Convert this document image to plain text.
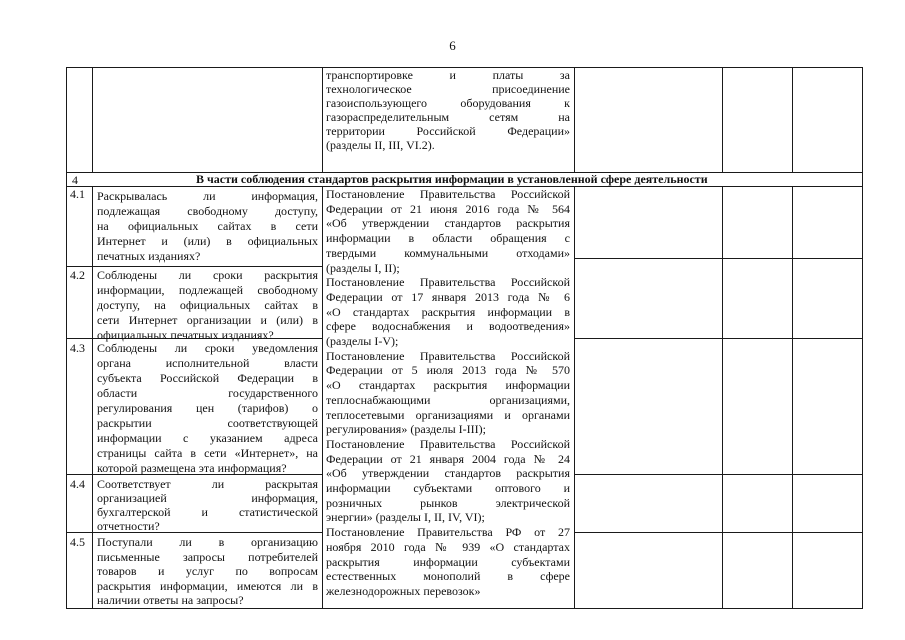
6
транспортировке и платы за
технологическое присоединение
газоиспользующего оборудования к
газораспределительным сетям на
территории Российской Федерации»
(разделы II, III, VI.2).
4	В части соблюдения стандартов раскрытия информации в установленной сфере деятельности
4.1
4.2
4.3
4.4
4.5
Раскрывалась ли информация,
подлежащая свободному доступу,
на официальных сайтах в сети
Интернет и (или) в официальных
печатных изданиях?
Соблюдены ли сроки раскрытия
информации, подлежащей свободному
доступу, на официальных сайтах в
сети Интернет организации и (или) в
официальных печатных изданиях?
Соблюдены ли сроки уведомления
органа исполнительной власти
субъекта Российской Федерации в
области государственного
регулирования цен (тарифов) о
раскрытии соответствующей
информации с указанием адреса
страницы сайта в сети «Интернет», на
которой размещена эта информация?
Соответствует ли раскрытая
организацией информация,
бухгалтерской и статистической
отчетности?
Поступали ли в организацию
письменные запросы потребителей
товаров и услуг по вопросам
раскрытия информации, имеются ли в
наличии ответы на запросы?
Постановление Правительства Российской
Федерации от 21 июня 2016 года № 564
«Об утверждении стандартов раскрытия
информации в области обращения с
твердыми коммунальными отходами»
(разделы I, II);
Постановление Правительства Российской
Федерации от 17 января 2013 года № 6
«О стандартах раскрытия информации в
сфере водоснабжения и водоотведения»
(разделы I-V);
Постановление Правительства Российской
Федерации от 5 июля 2013 года № 570
«О стандартах раскрытия информации
теплоснабжающими организациями,
теплосетевыми организациями и органами
регулирования» (разделы I-III);
Постановление Правительства Российской
Федерации от 21 января 2004 года № 24
«Об утверждении стандартов раскрытия
информации субъектами оптового и
розничных рынков электрической
энергии» (разделы I, II, IV, VI);
Постановление Правительства РФ от 27
ноября 2010 года № 939 «О стандартах
раскрытия информации субъектами
естественных монополий в сфере
железнодорожных перевозок»
